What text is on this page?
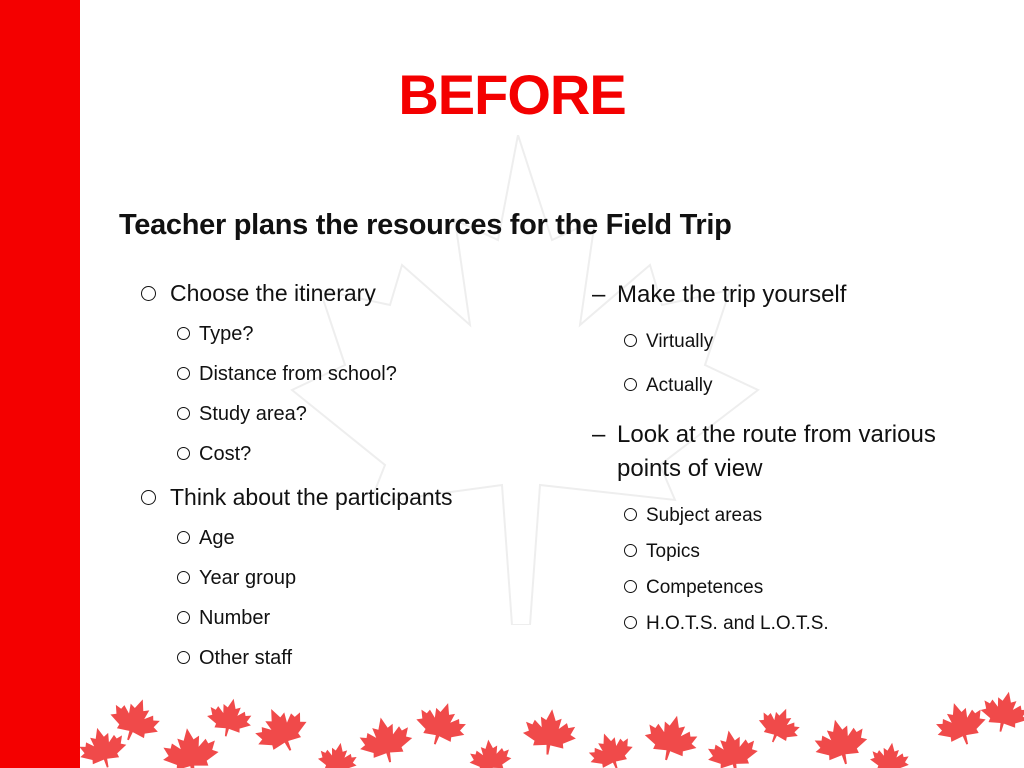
BEFORE
Teacher plans the resources for the Field Trip
Choose the itinerary
Type?
Distance from school?
Study area?
Cost?
Think about the participants
Age
Year group
Number
Other staff
– Make the trip yourself
Virtually
Actually
– Look at the route from various points of view
Subject areas
Topics
Competences
H.O.T.S. and L.O.T.S.
